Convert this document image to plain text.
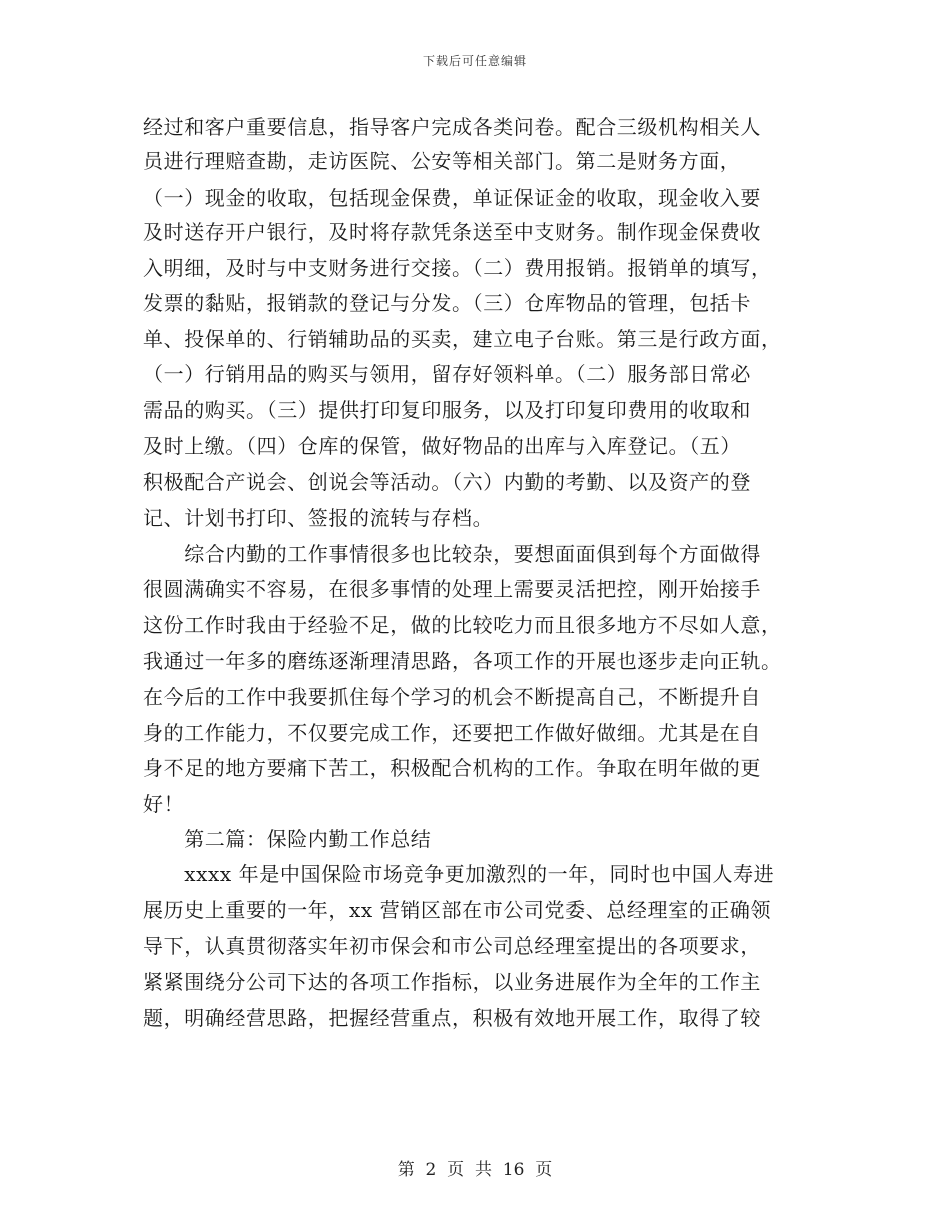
下载后可任意编辑
经过和客户重要信息，指导客户完成各类问卷。配合三级机构相关人
员进行理赔查勘，走访医院、公安等相关部门。第二是财务方面，
（一）现金的收取，包括现金保费，单证保证金的收取，现金收入要
及时送存开户银行，及时将存款凭条送至中支财务。制作现金保费收
入明细，及时与中支财务进行交接。（二）费用报销。报销单的填写，
发票的黏贴，报销款的登记与分发。（三）仓库物品的管理，包括卡
单、投保单的、行销辅助品的买卖，建立电子台账。第三是行政方面，
（一）行销用品的购买与领用，留存好领料单。（二）服务部日常必
需品的购买。（三）提供打印复印服务，以及打印复印费用的收取和
及时上缴。（四）仓库的保管，做好物品的出库与入库登记。（五）
积极配合产说会、创说会等活动。（六）内勤的考勤、以及资产的登
记、计划书打印、签报的流转与存档。
　　综合内勤的工作事情很多也比较杂，要想面面俱到每个方面做得
很圆满确实不容易，在很多事情的处理上需要灵活把控，刚开始接手
这份工作时我由于经验不足，做的比较吃力而且很多地方不尽如人意，
我通过一年多的磨练逐渐理清思路，各项工作的开展也逐步走向正轨。
在今后的工作中我要抓住每个学习的机会不断提高自己，不断提升自
身的工作能力，不仅要完成工作，还要把工作做好做细。尤其是在自
身不足的地方要痛下苦工，积极配合机构的工作。争取在明年做的更
好！
　　第二篇：保险内勤工作总结
　　xxxx 年是中国保险市场竞争更加激烈的一年，同时也中国人寿进
展历史上重要的一年，xx 营销区部在市公司党委、总经理室的正确领
导下，认真贯彻落实年初市保会和市公司总经理室提出的各项要求，
紧紧围绕分公司下达的各项工作指标，以业务进展作为全年的工作主
题，明确经营思路，把握经营重点，积极有效地开展工作，取得了较
第  2  页  共  16  页
